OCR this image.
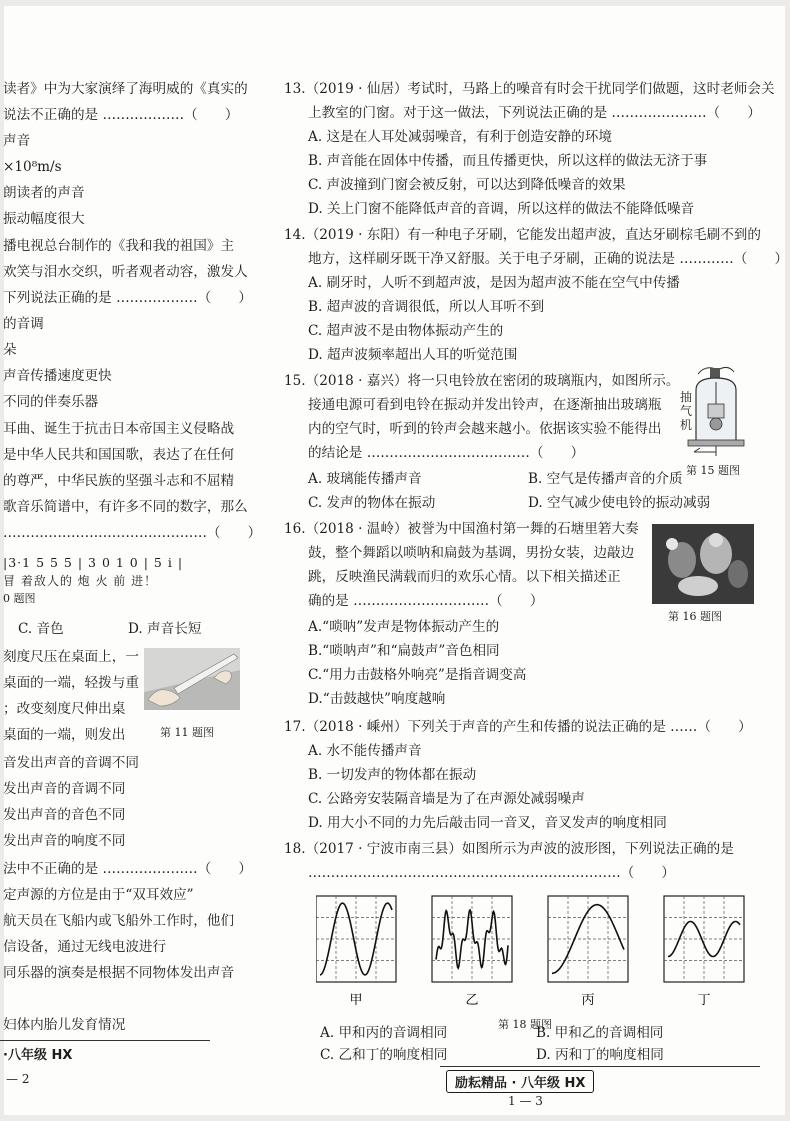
读者》中为大家演绎了海明威的《真实的
说法不正确的是 ………………（　　）
声音
×10⁸m/s
朗读者的声音
振动幅度很大
播电视总台制作的《我和我的祖国》主
欢笑与泪水交织，听者观者动容，激发人
下列说法正确的是 ………………（　　）
的音调
朵
声音传播速度更快
不同的伴奏乐器
耳曲、诞生于抗击日本帝国主义侵略战
是中华人民共和国国歌，表达了在任何
的尊严，中华民族的坚强斗志和不屈精
歌音乐简谱中，有许多不同的数字，那么
………………………………………（　　）
|3·1 5 5 5 | 3 0 1 0 | 5 i |
冒 着敌人的 炮 火 前 进！
0 题图
C. 音色	D. 声音长短
刻度尺压在桌面上，一
桌面的一端，轻拨与重
；改变刻度尺伸出桌
桌面的一端，则发出	第 11 题图
音发出声音的音调不同
发出声音的音调不同
发出声音的音色不同
发出声音的响度不同
法中不正确的是 …………………（　　）
定声源的方位是由于“双耳效应”
航天员在飞船内或飞船外工作时，他们
信设备，通过无线电波进行
同乐器的演奏是根据不同物体发出声音
妇体内胎儿发育情况
·八年级 HX
— 2
13.（2019 · 仙居）考试时，马路上的噪音有时会干扰同学们做题，这时老师会关
上教室的门窗。对于这一做法，下列说法正确的是 …………………（　　）
A. 这是在人耳处减弱噪音，有利于创造安静的环境
B. 声音能在固体中传播，而且传播更快，所以这样的做法无济于事
C. 声波撞到门窗会被反射，可以达到降低噪音的效果
D. 关上门窗不能降低声音的音调，所以这样的做法不能降低噪音
14.（2019 · 东阳）有一种电子牙刷，它能发出超声波，直达牙刷棕毛刷不到的
地方，这样刷牙既干净又舒服。关于电子牙刷，正确的说法是 …………（　　）
A. 刷牙时，人听不到超声波，是因为超声波不能在空气中传播
B. 超声波的音调很低，所以人耳听不到
C. 超声波不是由物体振动产生的
D. 超声波频率超出人耳的听觉范围
15.（2018 · 嘉兴）将一只电铃放在密闭的玻璃瓶内，如图所示。
接通电源可看到电铃在振动并发出铃声，在逐渐抽出玻璃瓶
内的空气时，听到的铃声会越来越小。依据该实验不能得出
的结论是 ………………………………（　　）
抽气机
第 15 题图
A. 玻璃能传播声音	B. 空气是传播声音的介质
C. 发声的物体在振动	D. 空气减少使电铃的振动减弱
16.（2018 · 温岭）被誉为中国渔村第一舞的石塘里箬大奏
鼓，整个舞蹈以唢呐和扁鼓为基调，男扮女装，边敲边
跳，反映渔民满载而归的欢乐心情。以下相关描述正
确的是 …………………………（　　）
第 16 题图
A.“唢呐”发声是物体振动产生的
B.“唢呐声”和“扁鼓声”音色相同
C.“用力击鼓格外响亮”是指音调变高
D.“击鼓越快”响度越响
17.（2018 · 嵊州）下列关于声音的产生和传播的说法正确的是 ……（　　）
A. 水不能传播声音
B. 一切发声的物体都在振动
C. 公路旁安装隔音墙是为了在声源处减弱噪声
D. 用大小不同的力先后敲击同一音叉，音叉发声的响度相同
18.（2017 · 宁波市南三县）如图所示为声波的波形图，下列说法正确的是
……………………………………………………………（　　）
甲	乙	丙	丁
第 18 题图
A. 甲和丙的音调相同	B. 甲和乙的音调相同
C. 乙和丁的响度相同	D. 丙和丁的响度相同
励耘精品 · 八年级 HX
1 — 3
